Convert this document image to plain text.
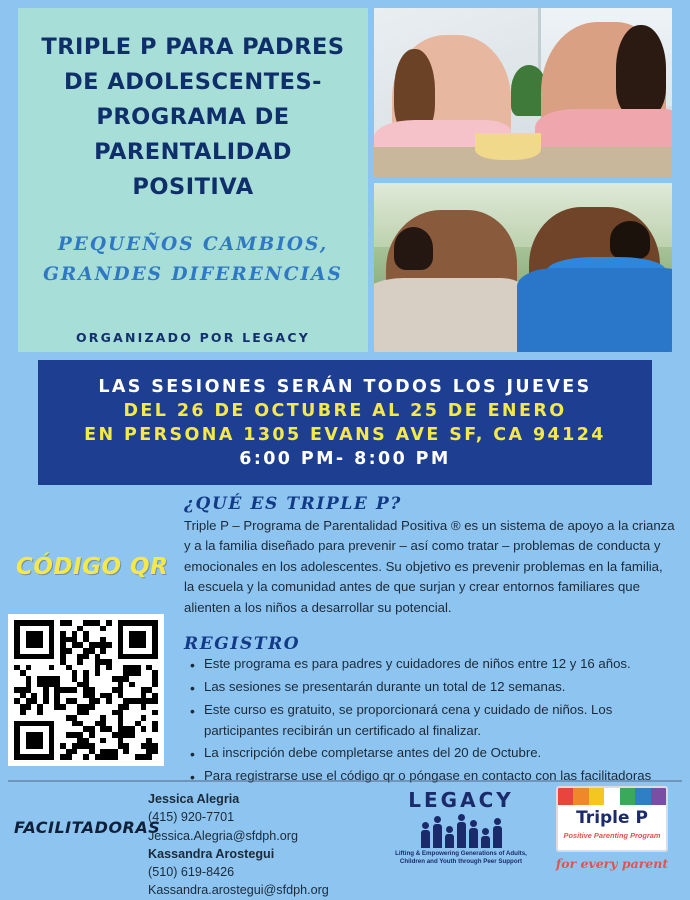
TRIPLE P PARA PADRES DE ADOLESCENTES- PROGRAMA DE PARENTALIDAD POSITIVA
PEQUEÑOS CAMBIOS,
GRANDES DIFERENCIAS
ORGANIZADO POR LEGACY
LAS SESIONES SERÁN TODOS LOS JUEVES
DEL 26 DE OCTUBRE AL 25 DE ENERO
EN PERSONA 1305 EVANS AVE SF, CA 94124
6:00 PM- 8:00 PM
¿QUÉ ES TRIPLE P?
Triple P – Programa de Parentalidad Positiva ® es un sistema de apoyo a la crianza y a la familia diseñado para prevenir – así como tratar – problemas de conducta y emocionales en los adolescentes. Su objetivo es prevenir problemas en la familia, la escuela y la comunidad antes de que surjan y crear entornos familiares que alienten a los niños a desarrollar su potencial.
REGISTRO
• Este programa es para padres y cuidadores de niños entre 12 y 16 años.
• Las sesiones se presentarán durante un total de 12 semanas.
• Este curso es gratuito, se proporcionará cena y cuidado de niños. Los participantes recibirán un certificado al finalizar.
• La inscripción debe completarse antes del 20 de Octubre.
• Para registrarse use el código qr o póngase en contacto con las facilitadoras
CÓDIGO QR
FACILITADORAS
Jessica Alegria
(415) 920-7701
Jessica.Alegria@sfdph.org
Kassandra Arostegui
(510) 619-8426
Kassandra.arostegui@sfdph.org
LEGACY
Lifting & Empowering Generations of Adults, Children and Youth through Peer Support
Triple P
Positive Parenting Program
for every parent
